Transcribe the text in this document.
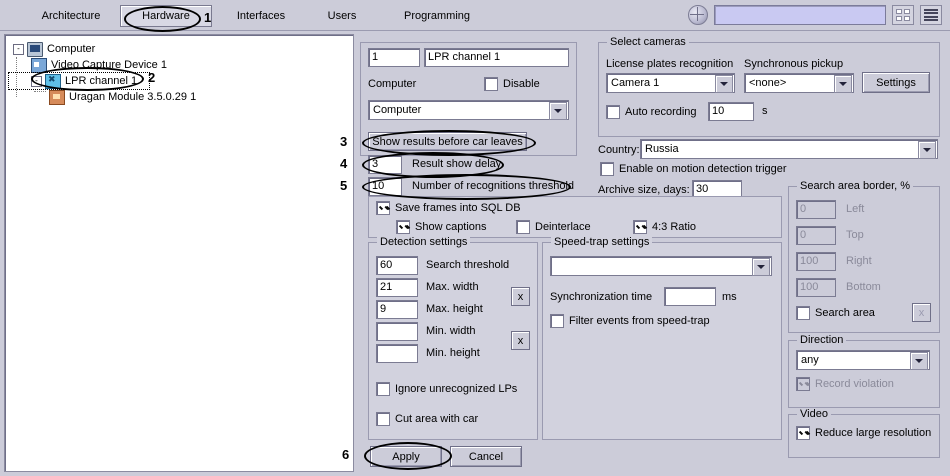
Architecture	Hardware	Interfaces	Users	Programming
-	Computer
Video Capture Device 1
- ✖	LPR channel 1
Uragan Module 3.5.0.29 1
1	LPR channel 1
Computer	Disable
Computer
Show results before car leaves
3	Result show delay
10	Number of recognitions threshold
Select cameras
License plates recognition Synchronous pickup
Camera 1	<none>	Settings
Auto recording	10	s
Country: Russia
Enable on motion detection trigger
Archive size, days: 30
Save frames into SQL DB
Show captions	Deinterlace	4:3 Ratio
Detection settings
60	Search threshold
21	Max. width
9	Max. height
Min. width
Min. height
x
x
Ignore unrecognized LPs
Cut area with car
Speed-trap settings
Synchronization time	ms
Filter events from speed-trap
Search area border, %
0	Left
0	Top
100	Right
100	Bottom
Search area	x
Direction
any
Record violation
Video
Reduce large resolution
Apply	Cancel
1
2
3
4
5
6
